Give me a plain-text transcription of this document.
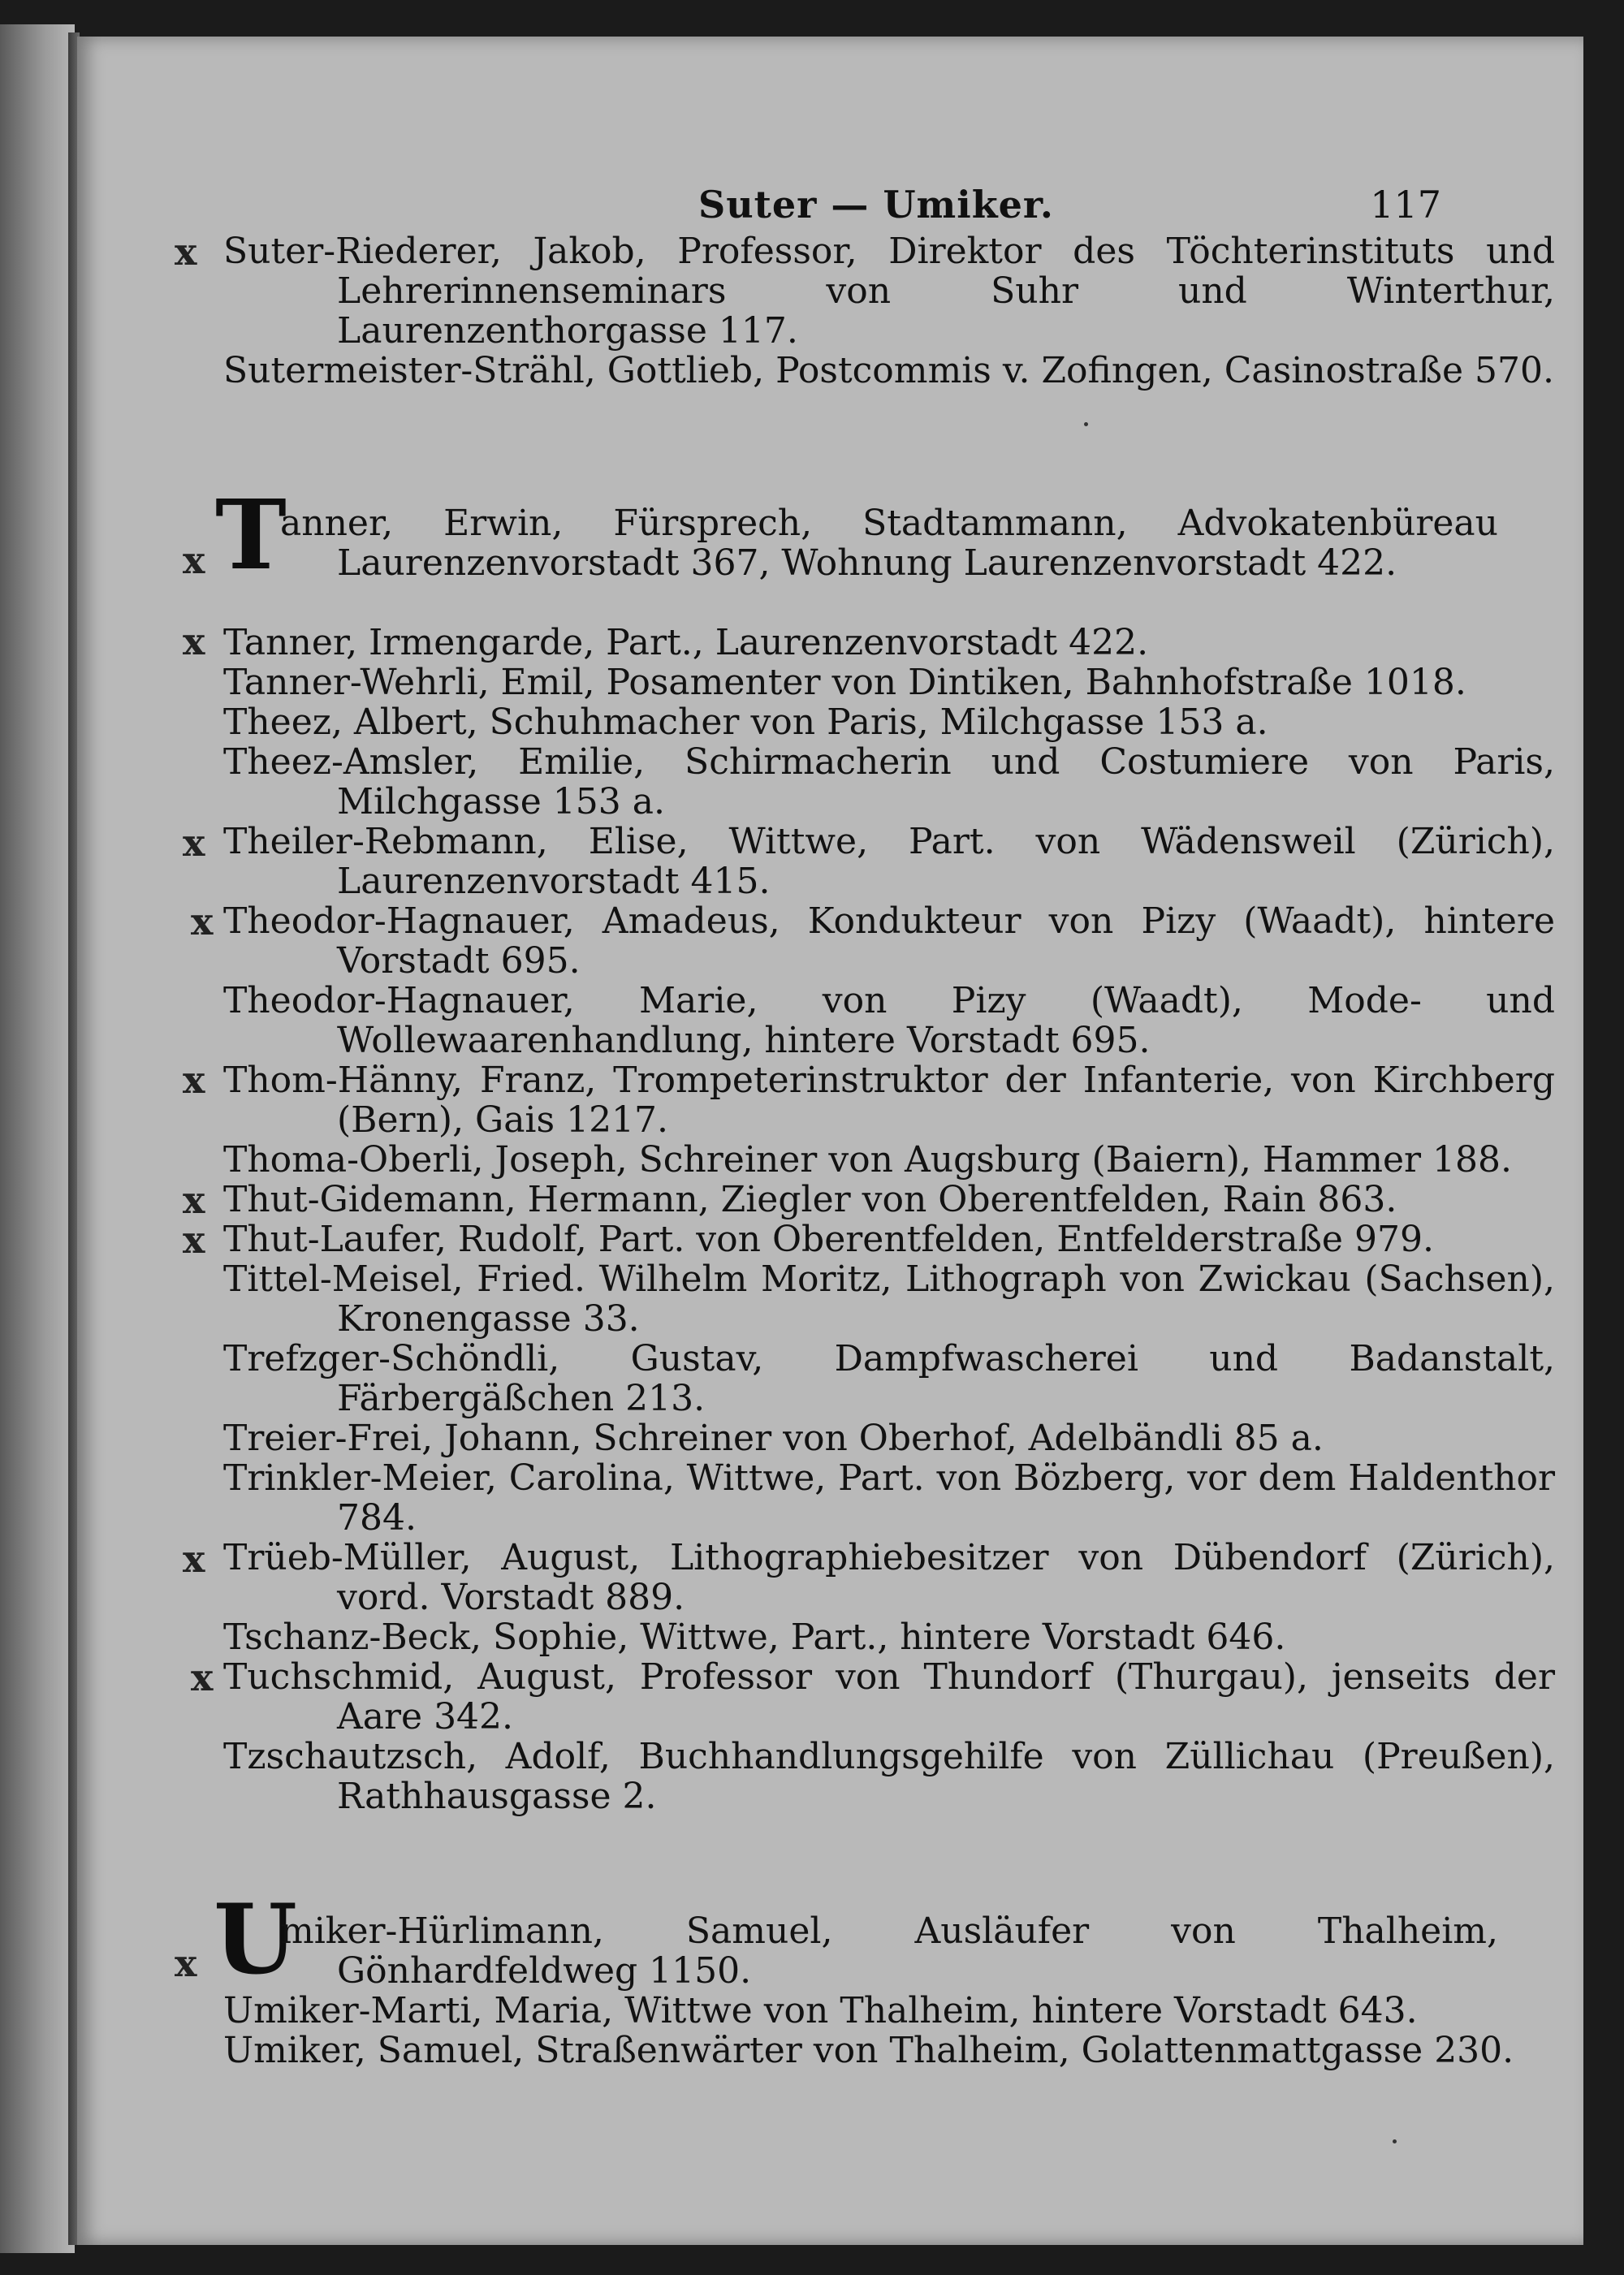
Suter — Umiker.	117
x Suter-Riederer, Jakob, Professor, Direktor des Töchterinstituts und Lehrerinnenseminars von Suhr und Winterthur, Laurenzenthorgasse 117.
Sutermeister-Strähl, Gottlieb, Postcommis v. Zofingen, Casinostraße 570.
x T
anner, Erwin, Fürsprech, Stadtammann, Advokatenbüreau Laurenzenvorstadt 367, Wohnung Laurenzenvorstadt 422.
x Tanner, Irmengarde, Part., Laurenzenvorstadt 422.
Tanner-Wehrli, Emil, Posamenter von Dintiken, Bahnhofstraße 1018.
Theez, Albert, Schuhmacher von Paris, Milchgasse 153 a.
Theez-Amsler, Emilie, Schirmacherin und Costumiere von Paris, Milchgasse 153 a.
x Theiler-Rebmann, Elise, Wittwe, Part. von Wädensweil (Zürich), Laurenzenvorstadt 415.
x Theodor-Hagnauer, Amadeus, Kondukteur von Pizy (Waadt), hintere Vorstadt 695.
Theodor-Hagnauer, Marie, von Pizy (Waadt), Mode- und Wollewaarenhandlung, hintere Vorstadt 695.
x Thom-Hänny, Franz, Trompeterinstruktor der Infanterie, von Kirchberg (Bern), Gais 1217.
Thoma-Oberli, Joseph, Schreiner von Augsburg (Baiern), Hammer 188.
x Thut-Gidemann, Hermann, Ziegler von Oberentfelden, Rain 863.
x Thut-Laufer, Rudolf, Part. von Oberentfelden, Entfelderstraße 979.
Tittel-Meisel, Fried. Wilhelm Moritz, Lithograph von Zwickau (Sachsen), Kronengasse 33.
Trefzger-Schöndli, Gustav, Dampfwascherei und Badanstalt, Färbergäßchen 213.
Treier-Frei, Johann, Schreiner von Oberhof, Adelbändli 85 a.
Trinkler-Meier, Carolina, Wittwe, Part. von Bözberg, vor dem Haldenthor 784.
x Trüeb-Müller, August, Lithographiebesitzer von Dübendorf (Zürich), vord. Vorstadt 889.
Tschanz-Beck, Sophie, Wittwe, Part., hintere Vorstadt 646.
x Tuchschmid, August, Professor von Thundorf (Thurgau), jenseits der Aare 342.
Tzschautzsch, Adolf, Buchhandlungsgehilfe von Züllichau (Preußen), Rathhausgasse 2.
x U
miker-Hürlimann, Samuel, Ausläufer von Thalheim, Gönhardfeldweg 1150.
Umiker-Marti, Maria, Wittwe von Thalheim, hintere Vorstadt 643.
Umiker, Samuel, Straßenwärter von Thalheim, Golattenmattgasse 230.
